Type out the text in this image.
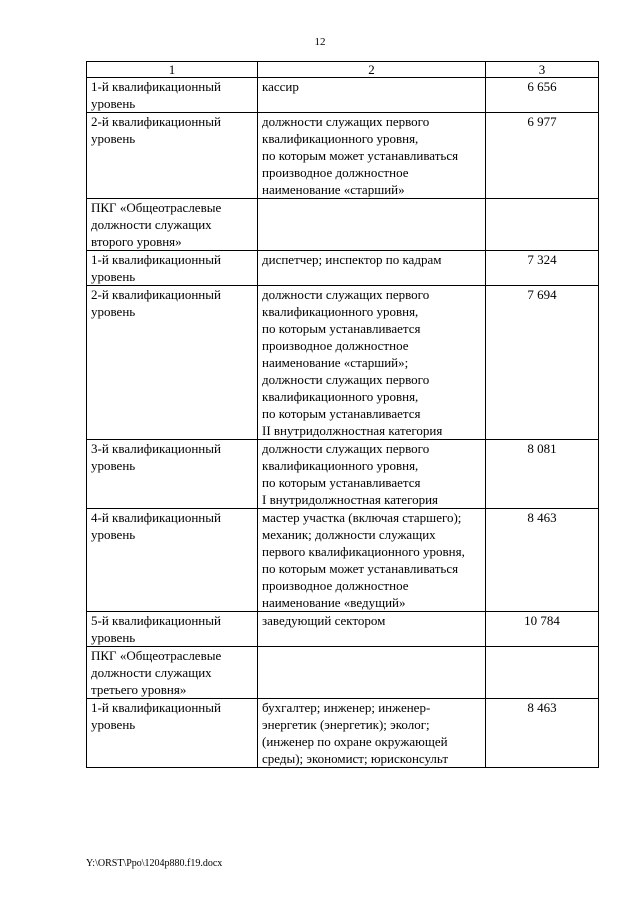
12
1	2	3
1-й квалификационный уровень	кассир	6 656
2-й квалификационный уровень	должности служащих первого квалификационного уровня,
по которым может устанавливаться производное должностное наименование «старший»	6 977
ПКГ «Общеотраслевые должности служащих второго уровня»		
1-й квалификационный уровень	диспетчер; инспектор по кадрам	7 324
2-й квалификационный уровень	должности служащих первого квалификационного уровня,
по которым устанавливается производное должностное наименование «старший»;
должности служащих первого квалификационного уровня,
по которым устанавливается
II внутридолжностная категория	7 694
3-й квалификационный уровень	должности служащих первого квалификационного уровня,
по которым устанавливается
I внутридолжностная категория	8 081
4-й квалификационный уровень	мастер участка (включая старшего); механик; должности служащих первого квалификационного уровня,
по которым может устанавливаться производное должностное наименование «ведущий»	8 463
5-й квалификационный уровень	заведующий сектором	10 784
ПКГ «Общеотраслевые должности служащих третьего уровня»		
1-й квалификационный уровень	бухгалтер; инженер; инженер-энергетик (энергетик); эколог; (инженер по охране окружающей среды); экономист; юрисконсульт	8 463
Y:\ORST\Ppo\1204p880.f19.docx
